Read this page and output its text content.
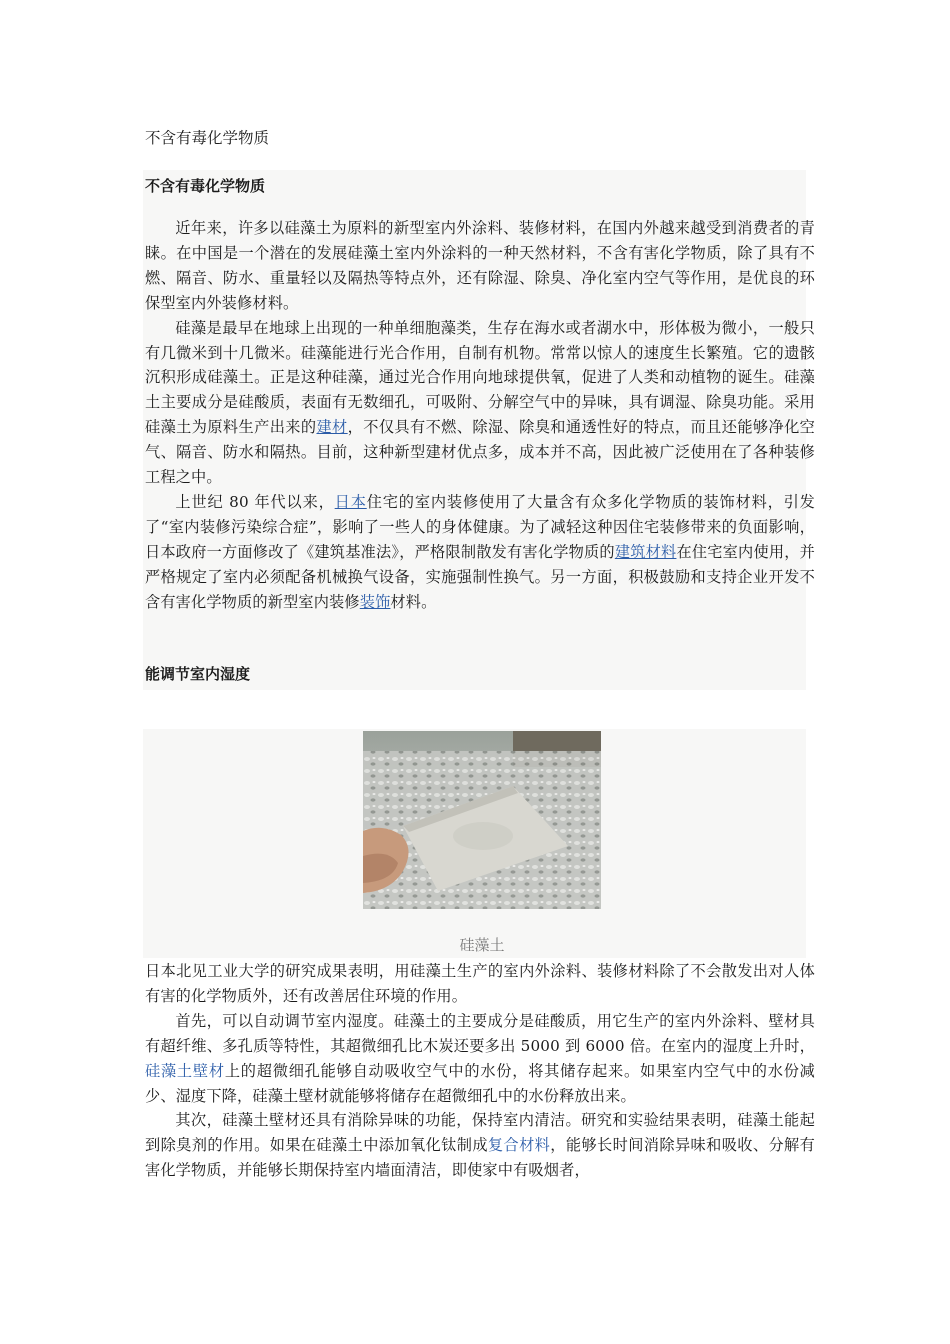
不含有毒化学物质
不含有毒化学物质

近年来，许多以硅藻土为原料的新型室内外涂料、装修材料，在国内外越来越受到消费者的青睐。在中国是一个潜在的发展硅藻土室内外涂料的一种天然材料，不含有害化学物质，除了具有不燃、隔音、防水、重量轻以及隔热等特点外，还有除湿、除臭、净化室内空气等作用，是优良的环保型室内外装修材料。

硅藻是最早在地球上出现的一种单细胞藻类，生存在海水或者湖水中，形体极为微小，一般只有几微米到十几微米。硅藻能进行光合作用，自制有机物。常常以惊人的速度生长繁殖。它的遗骸沉积形成硅藻土。正是这种硅藻，通过光合作用向地球提供氧，促进了人类和动植物的诞生。硅藻土主要成分是硅酸质，表面有无数细孔，可吸附、分解空气中的异味，具有调湿、除臭功能。采用硅藻土为原料生产出来的建材，不仅具有不燃、除湿、除臭和通透性好的特点，而且还能够净化空气、隔音、防水和隔热。目前，这种新型建材优点多，成本并不高，因此被广泛使用在了各种装修工程之中。

上世纪 80 年代以来，日本住宅的室内装修使用了大量含有众多化学物质的装饰材料，引发了“室内装修污染综合症”，影响了一些人的身体健康。为了减轻这种因住宅装修带来的负面影响，日本政府一方面修改了《建筑基准法》，严格限制散发有害化学物质的建筑材料在住宅室内使用，并严格规定了室内必须配备机械换气设备，实施强制性换气。另一方面，积极鼓励和支持企业开发不含有害化学物质的新型室内装修装饰材料。

能调节室内湿度
硅藻土

日本北见工业大学的研究成果表明，用硅藻土生产的室内外涂料、装修材料除了不会散发出对人体有害的化学物质外，还有改善居住环境的作用。

首先，可以自动调节室内湿度。硅藻土的主要成分是硅酸质，用它生产的室内外涂料、壁材具有超纤维、多孔质等特性，其超微细孔比木炭还要多出 5000 到 6000 倍。在室内的湿度上升时，硅藻土壁材上的超微细孔能够自动吸收空气中的水份，将其储存起来。如果室内空气中的水份减少、湿度下降，硅藻土壁材就能够将储存在超微细孔中的水份释放出来。

其次，硅藻土壁材还具有消除异味的功能，保持室内清洁。研究和实验结果表明，硅藻土能起到除臭剂的作用。如果在硅藻土中添加氧化钛制成复合材料，能够长时间消除异味和吸收、分解有害化学物质，并能够长期保持室内墙面清洁，即使家中有吸烟者，
